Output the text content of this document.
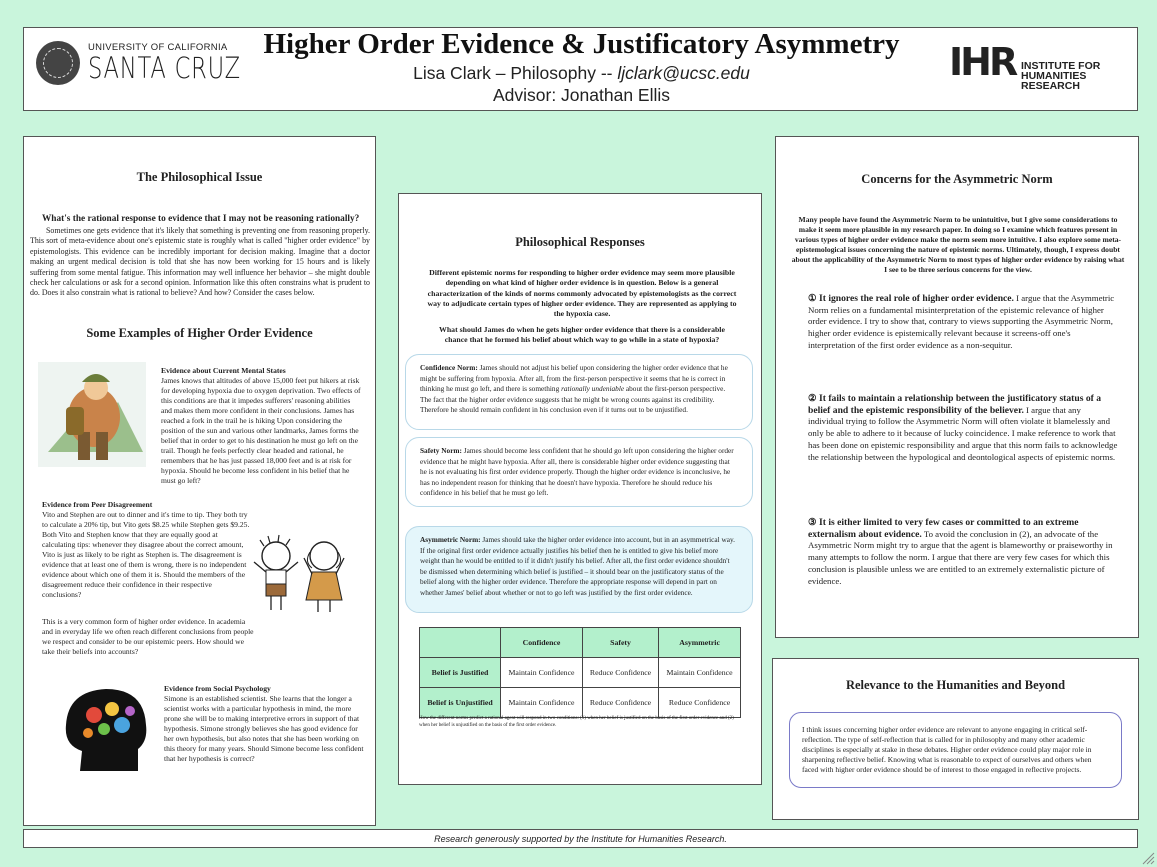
UNIVERSITY OF CALIFORNIA
SANTA CRUZ
Higher Order Evidence & Justificatory Asymmetry
Lisa Clark – Philosophy -- ljclark@ucsc.edu
Advisor: Jonathan Ellis
IHR INSTITUTE FOR HUMANITIES RESEARCH
The Philosophical Issue
What's the rational response to evidence that I may not be reasoning rationally?
Sometimes one gets evidence that it's likely that something is preventing one from reasoning properly. This sort of meta-evidence about one's epistemic state is roughly what is called "higher order evidence" by epistemologists. This evidence can be incredibly important for decision making. Imagine that a doctor making an urgent medical decision is told that she has now been working for 15 hours and is likely suffering from some mental fatigue. This information may well influence her behavior – she might double check her calculations or ask for a second opinion. Information like this often constrains what is prudent to do. Does it also constrain what is rational to believe? And how? Consider the cases below.
Some Examples of Higher Order Evidence
Evidence about Current Mental States
James knows that altitudes of above 15,000 feet put hikers at risk for developing hypoxia due to oxygen deprivation. Two effects of this conditions are that it impedes sufferers' reasoning abilities and makes them more confident in their conclusions. James has reached a fork in the trail he is hiking Upon considering the position of the sun and various other landmarks, James forms the belief that in order to get to his destination he must go left on the trail. Though he feels perfectly clear headed and rational, he remembers that he has just passed 18,000 feet and is at risk for hypoxia. Should he become less confident in his belief that he must go left?
Evidence from Peer Disagreement
Vito and Stephen are out to dinner and it's time to tip. They both try to calculate a 20% tip, but Vito gets $8.25 while Stephen gets $9.25. Both Vito and Stephen know that they are equally good at calculating tips: whenever they disagree about the correct amount, Vito is just as likely to be right as Stephen is. The disagreement is evidence that at least one of them is wrong, there is no independent evidence about which one of them it is. Should the members of the disagreement reduce their confidence in their respective conclusions?
This is a very common form of higher order evidence. In academia and in everyday life we often reach different conclusions from people we respect and consider to be our epistemic peers. How should we take their beliefs into accounts?
Evidence from Social Psychology
Simone is an established scientist. She learns that the longer a scientist works with a particular hypothesis in mind, the more prone she will be to making interpretive errors in support of that hypothesis. Simone strongly believes she has good evidence for her own hypothesis, but also notes that she has been working on this theory for many years. Should Simone become less confident that her hypothesis is correct?
Philosophical Responses
Different epistemic norms for responding to higher order evidence may seem more plausible depending on what kind of higher order evidence is in question. Below is a general characterization of the kinds of norms commonly advocated by epistemologists as the correct way to adjudicate certain types of higher order evidence. They are represented as applying to the hypoxia case.
What should James do when he gets higher order evidence that there is a considerable chance that he formed his belief about which way to go while in a state of hypoxia?
Confidence Norm: James should not adjust his belief upon considering the higher order evidence that he might be suffering from hypoxia. After all, from the first-person perspective it seems that he is correct in thinking he must go left, and there is something rationally undeniable about the first-person perspective. The fact that the higher order evidence suggests that he might be wrong counts against its credibility. Therefore he should remain confident in his conclusion even if it turns out to be unjustified.
Safety Norm: James should become less confident that he should go left upon considering the higher order evidence that he might have hypoxia. After all, there is considerable higher order evidence suggesting that he is not evaluating his first order evidence properly. Though the higher order evidence is inconclusive, he has no independent reason for thinking that he doesn't have hypoxia. Therefore he should reduce his confidence in his belief that he must go left.
Asymmetric Norm: James should take the higher order evidence into account, but in an asymmetrical way. If the original first order evidence actually justifies his belief then he is entitled to give his belief more weight than he would be entitled to if it didn't justify his belief. After all, the first order evidence shouldn't be dismissed when determining which belief is justified – it should bear on the justificatory status of the belief along with the higher order evidence. Therefore the appropriate response will depend in part on whether James' belief about whether or not to go left was justified by the first order evidence.
	Confidence	Safety	Asymmetric
Belief is Justified	Maintain Confidence	Reduce Confidence	Maintain Confidence
Belief is Unjustified	Maintain Confidence	Reduce Confidence	Reduce Confidence
How the different norms predict a rational agent will respond in two conditions: (1) when her belief is justified on the basis of the first order evidence and (2) when her belief is unjustified on the basis of the first order evidence.
Concerns for the Asymmetric Norm
Many people have found the Asymmetric Norm to be unintuitive, but I give some considerations to make it seem more plausible in my research paper. In doing so I examine which features present in various types of higher order evidence make the norm seem more intuitive. I also explore some meta-epistemological issues concerning the nature of epistemic norms. Ultimately, though, I express doubt about the applicability of the Asymmetric Norm to most types of higher order evidence by raising what I see to be three serious concerns for the view.
① It ignores the real role of higher order evidence. I argue that the Asymmetric Norm relies on a fundamental misinterpretation of the epistemic relevance of higher order evidence. I try to show that, contrary to views supporting the Asymmetric Norm, higher order evidence is epistemically relevant because it screens-off one's interpretation of the first order evidence as a non-sequitur.
② It fails to maintain a relationship between the justificatory status of a belief and the epistemic responsibility of the believer. I argue that any individual trying to follow the Asymmetric Norm will often violate it blamelessly and only be able to adhere to it because of lucky coincidence. I make reference to work that has been done on epistemic responsibility and argue that this norm fails to acknowledge the relationship between the hypological and deontological aspects of epistemic norms.
③ It is either limited to very few cases or committed to an extreme externalism about evidence. To avoid the conclusion in (2), an advocate of the Asymmetric Norm might try to argue that the agent is blameworthy or praiseworthy in many attempts to follow the norm. I argue that there are very few cases for which this conclusion is plausible unless we are entitled to an extremely externalistic picture of evidence.
Relevance to the Humanities and Beyond
I think issues concerning higher order evidence are relevant to anyone engaging in critical self-reflection. The type of self-reflection that is called for in philosophy and many other academic disciplines is especially at stake in these debates. Higher order evidence could play major role in sharpening reflective belief. Knowing what is reasonable to expect of ourselves and others when faced with higher order evidence should be of interest to those engaged in reflective projects.
Research generously supported by the Institute for Humanities Research.
